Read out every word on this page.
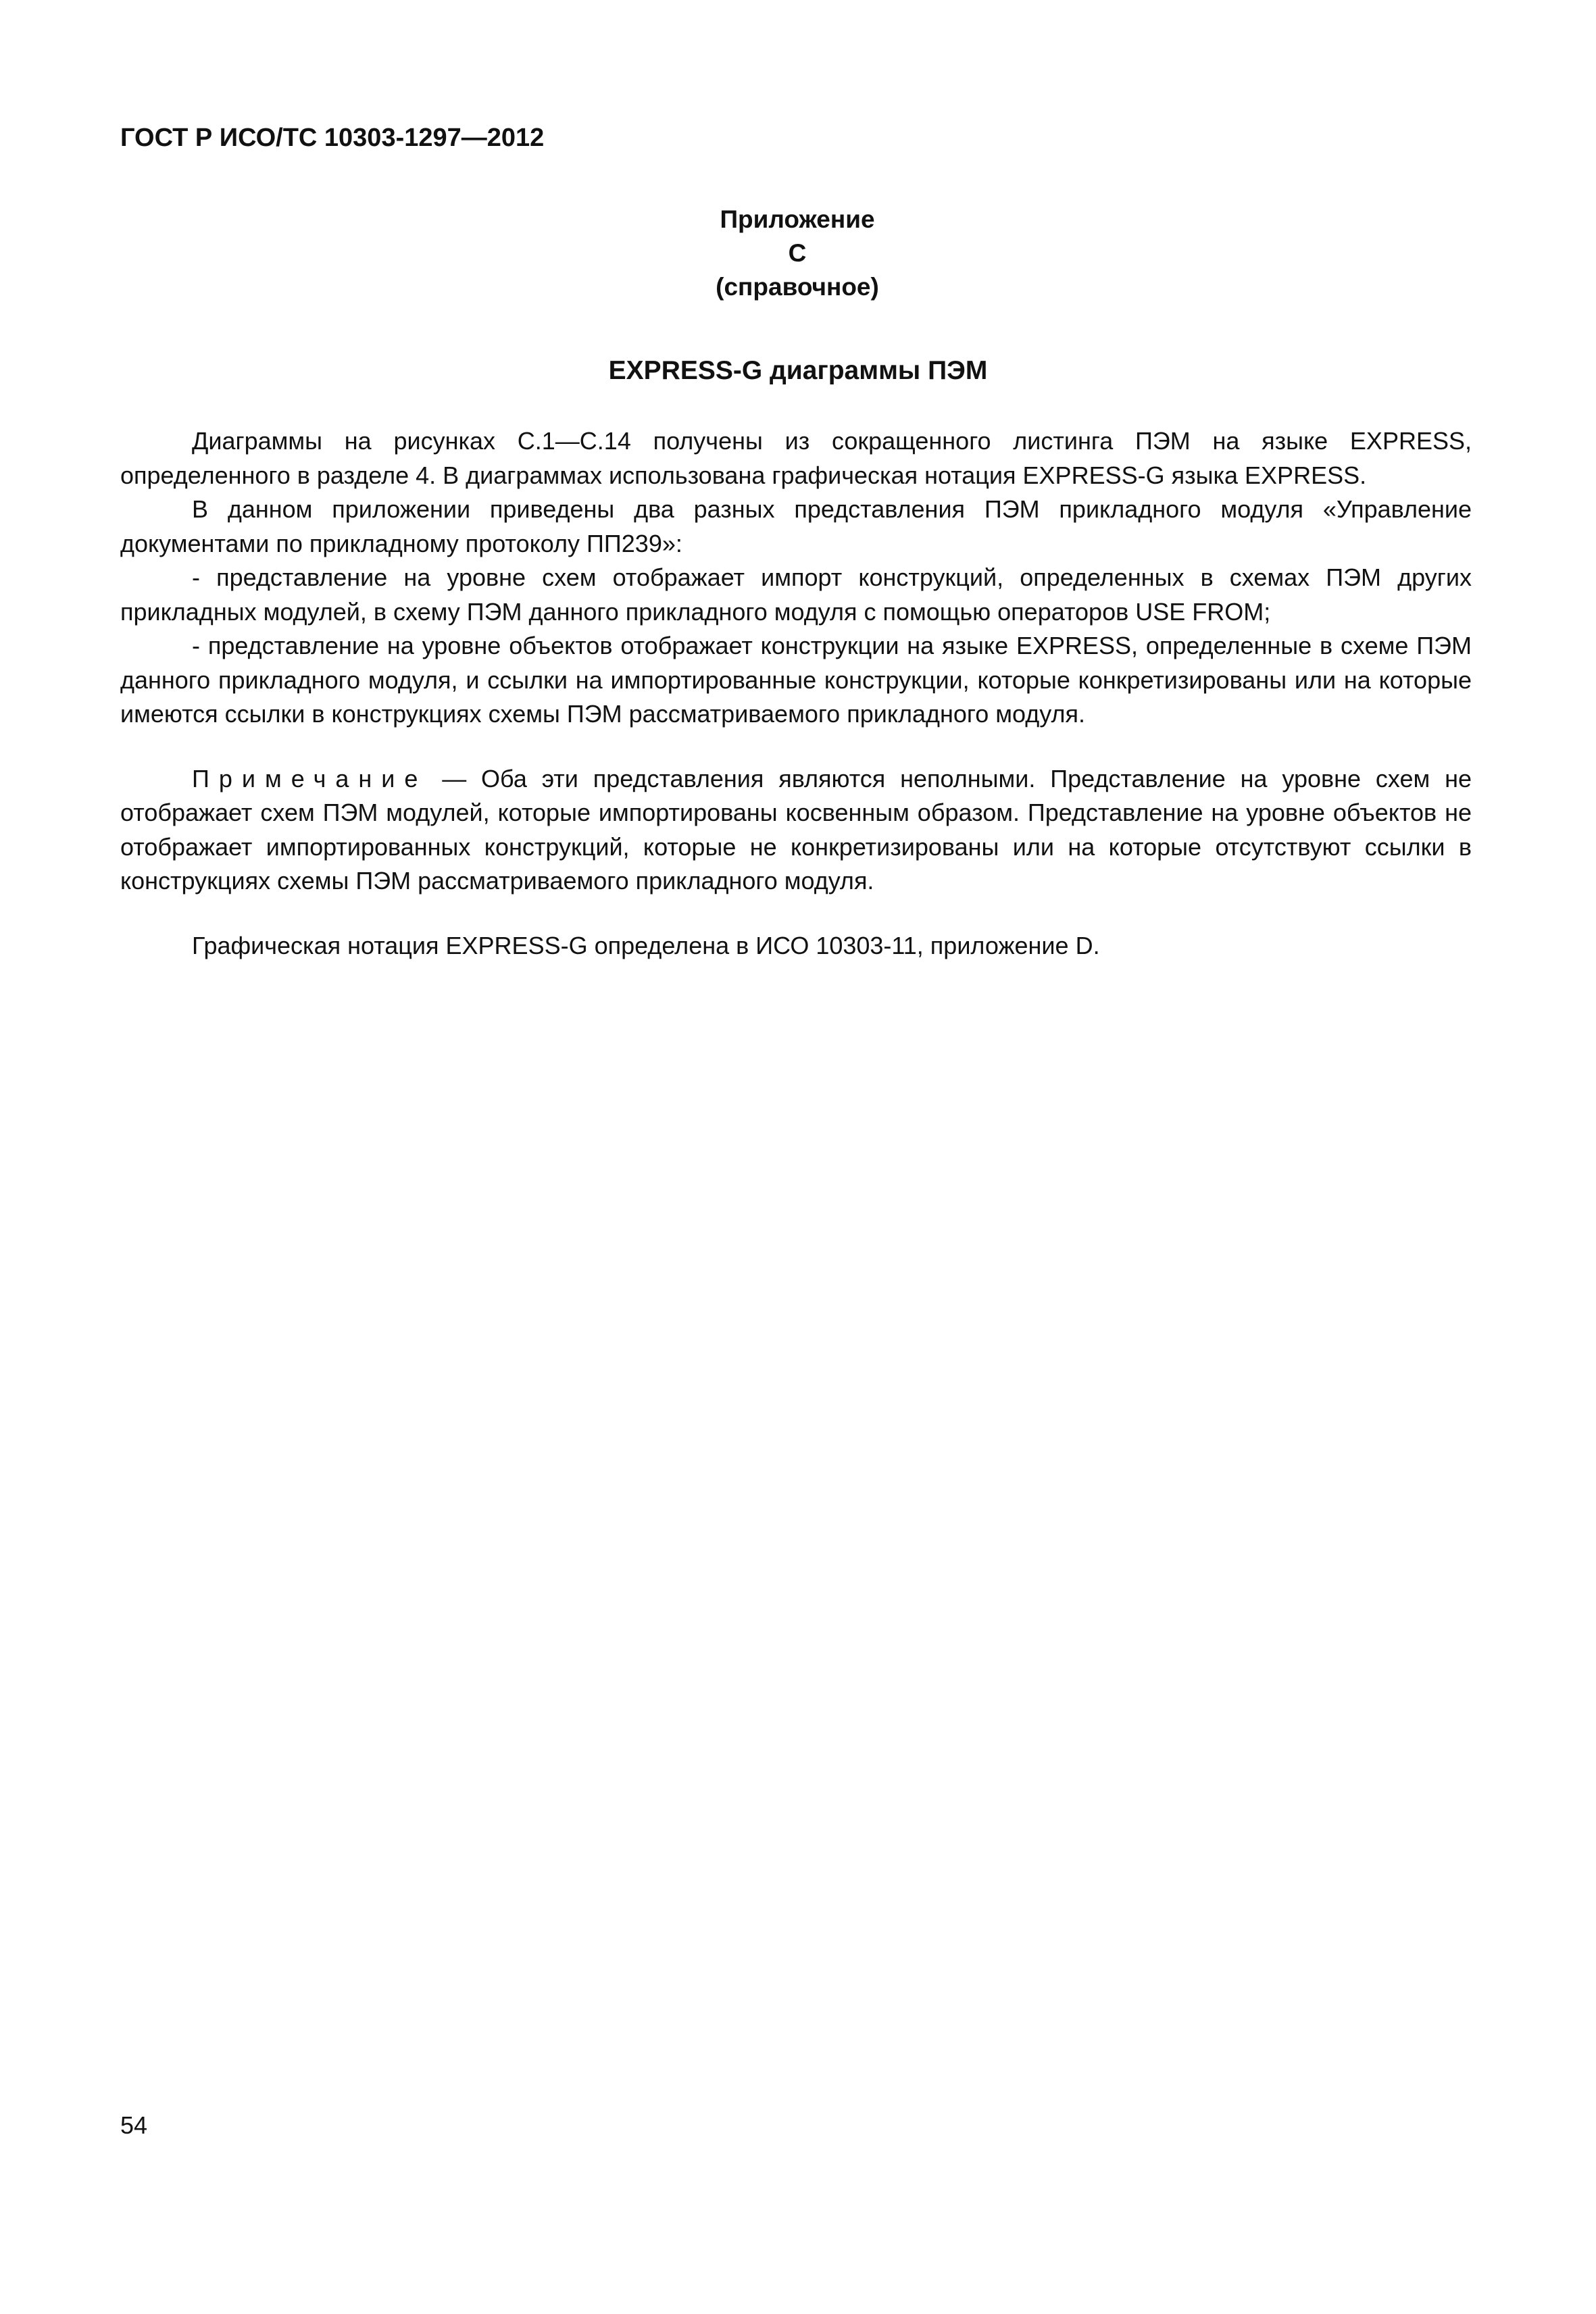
ГОСТ Р ИСО/ТС 10303-1297—2012
Приложение С
(справочное)
EXPRESS-G диаграммы ПЭМ

Диаграммы на рисунках С.1—С.14 получены из сокращенного листинга ПЭМ на языке EXPRESS, определенного в разделе 4. В диаграммах использована графическая нотация EXPRESS-G языка EXPRESS.

В данном приложении приведены два разных представления ПЭМ прикладного модуля «Управление документами по прикладному протоколу ПП239»:

- представление на уровне схем отображает импорт конструкций, определенных в схемах ПЭМ других прикладных модулей, в схему ПЭМ данного прикладного модуля с помощью операторов USE FROM;

- представление на уровне объектов отображает конструкции на языке EXPRESS, определенные в схеме ПЭМ данного прикладного модуля, и ссылки на импортированные конструкции, которые конкретизированы или на которые имеются ссылки в конструкциях схемы ПЭМ рассматриваемого прикладного модуля.

Примечание — Оба эти представления являются неполными. Представление на уровне схем не отображает схем ПЭМ модулей, которые импортированы косвенным образом. Представление на уровне объектов не отображает импортированных конструкций, которые не конкретизированы или на которые отсутствуют ссылки в конструкциях схемы ПЭМ рассматриваемого прикладного модуля.

Графическая нотация EXPRESS-G определена в ИСО 10303-11, приложение D.

54
